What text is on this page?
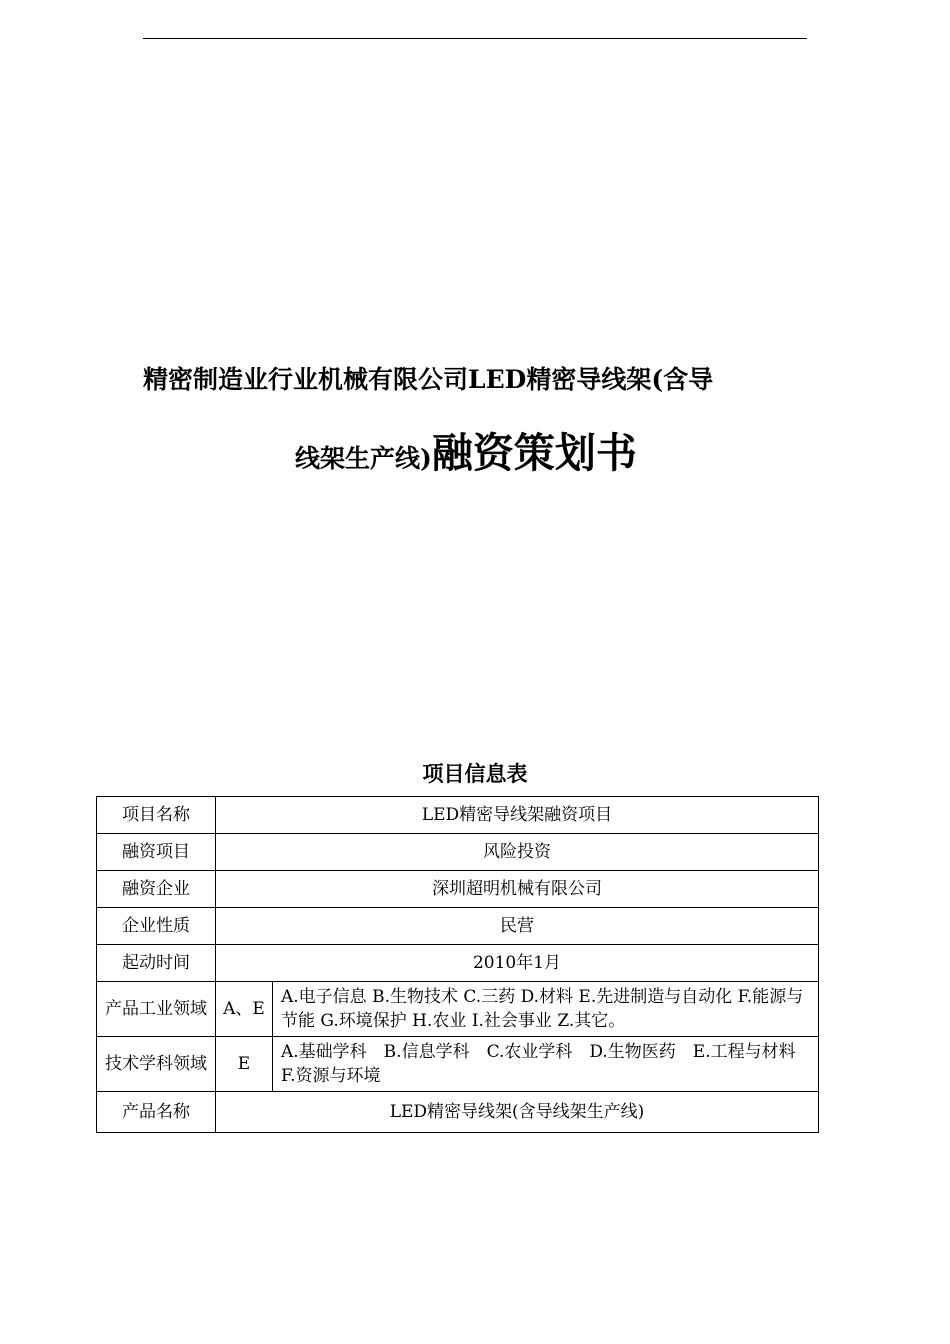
精密制造业行业机械有限公司LED精密导线架(含导
线架生产线)融资策划书
项目信息表
项目名称	LED精密导线架融资项目	
融资项目	风险投资	
融资企业	深圳超明机械有限公司	
企业性质	民营	
起动时间	2010年1月	
产品工业领域	A、E	A.电子信息 B.生物技术 C.三药 D.材料 E.先进制造与自动化 F.能源与节能 G.环境保护 H.农业 I.社会事业 Z.其它。
技术学科领域	E	A.基础学科　B.信息学科　C.农业学科　D.生物医药　E.工程与材料　 F.资源与环境
产品名称	LED精密导线架(含导线架生产线)	
